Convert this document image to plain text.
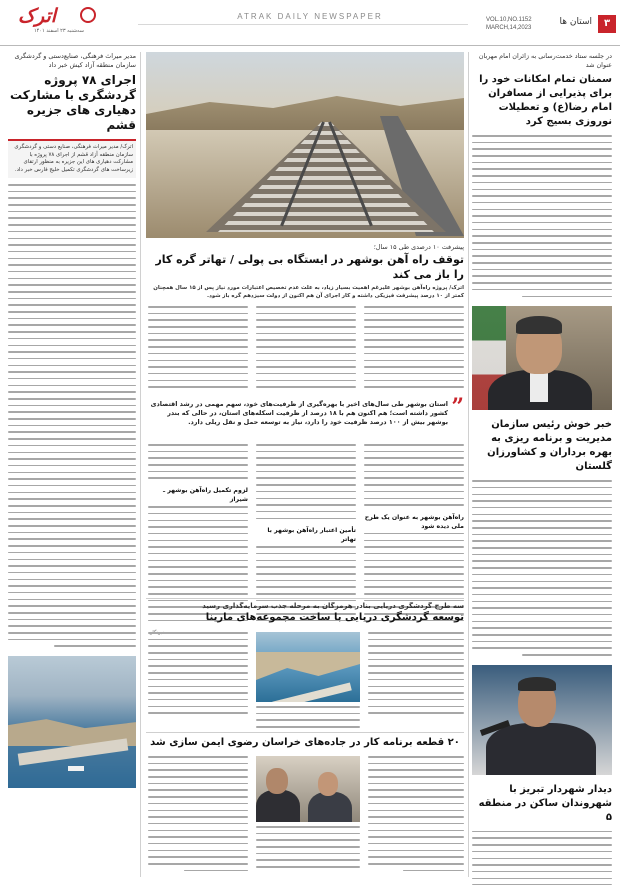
اترک
سه‌شنبه ۲۳ اسفند ۱۴۰۱
ATRAK DAILY NEWSPAPER	VOL.10,NO.1152
MARCH,14,2023
استان ها	۳
در جلسه ستاد خدمت‌رسانی به زائران امام مهربان عنوان شد
سمنان تمام امکانات خود را برای پذیرایی از مسافران امام رضا(ع) و تعطیلات نوروزی بسیج کرد
خبر خوش رئیس سازمان مدیریت و برنامه ریزی به بهره برداران و کشاورزان گلستان
دیدار شهردار تبریز با شهروندان ساکن در منطقه ۵
مدیر میراث فرهنگی، صنایع‌دستی و گردشگری سازمان منطقه آزاد کیش خبر داد
اجرای ۷۸ پروژه گردشگری با مشارکت دهیاری های جزیره قشم
اترک/ مدیر میراث فرهنگی، صنایع دستی و گردشگری سازمان منطقه آزاد قشم از اجرای ۷۸ پروژه با مشارکت دهیاری های این جزیره به منظور ارتقای زیرساخت های گردشگری تکمیل خلیج فارس خبر داد.
پیشرفت ۱۰ درصدی طی ۱۵ سال؛
توقف راه آهن بوشهر در ایستگاه بی پولی / تهاتر گره کار را باز می کند
اترک/ پروژه راه‌آهن بوشهر علیرغم اهمیت بسیار زیاد، به علت عدم تخصیص اعتبارات مورد نیاز پس از ۱۵ سال همچنان کمتر از ۱۰ درصد پیشرفت فیزیکی داشته و کار اجرای آن هم اکنون از دولت سیزدهم گره باز شود.
”
استان بوشهر طی سال‌های اخیر با بهره‌گیری از ظرفیت‌های خود، سهم مهمی در رشد اقتصادی کشور داشته است؛ هم اکنون هم با ۱۸ درصد از ظرفیت اسکله‌های استان، در حالی که بندر بوشهر بیش از ۱۰۰ درصد ظرفیت خود را دارد، نیاز به توسعه حمل و نقل ریلی دارد.
راه‌آهن بوشهر به عنوان یک طرح ملی دیده شود
تأمین اعتبار راه‌آهن بوشهر با تهاتر
لزوم تکمیل راه‌آهن بوشهر ـ شیراز
سه طرح گردشگری دریایی بنادر هرمزگان به مرحله جذب سرمایه‌گذاری رسید
توسعه گردشگری دریایی با ساخت مجموعه‌های مارینا
۲۰ قطعه برنامه کار در جاده‌های خراسان رضوی ایمن سازی شد
